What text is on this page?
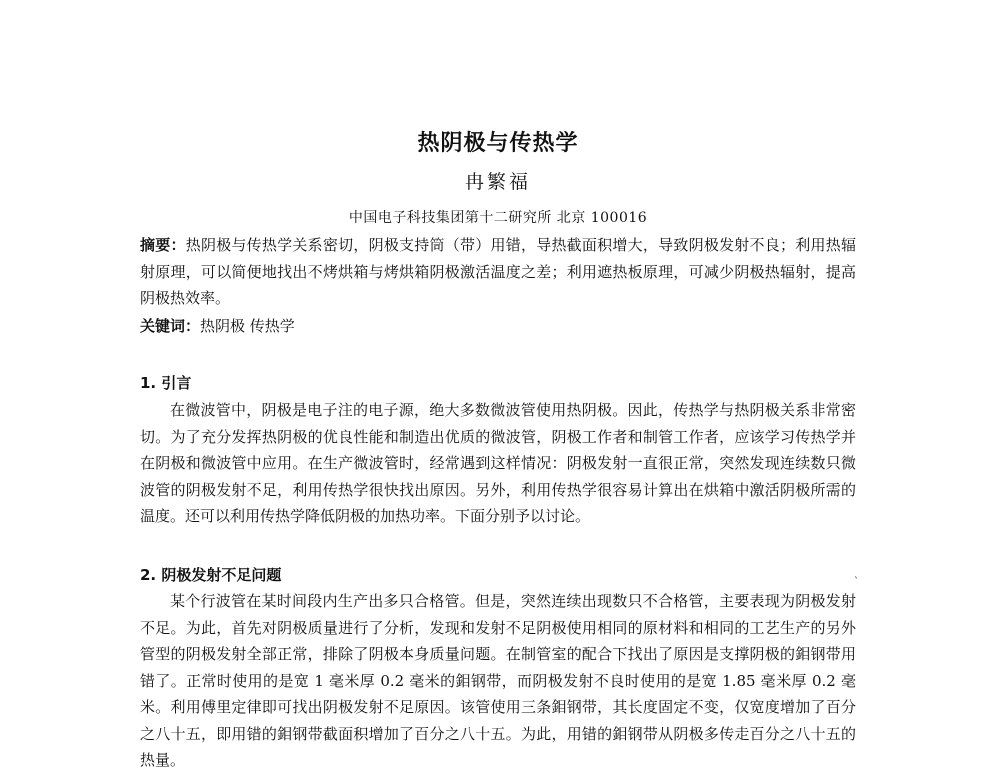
热阴极与传热学
冉繁福
中国电子科技集团第十二研究所 北京 100016

摘要：热阴极与传热学关系密切，阴极支持筒（带）用错，导热截面积增大，导致阴极发射不良；利用热辐射原理，可以简便地找出不烤烘箱与烤烘箱阴极激活温度之差；利用遮热板原理，可减少阴极热辐射，提高阴极热效率。

关键词：热阴极 传热学

1. 引言

在微波管中，阴极是电子注的电子源，绝大多数微波管使用热阴极。因此，传热学与热阴极关系非常密切。为了充分发挥热阴极的优良性能和制造出优质的微波管，阴极工作者和制管工作者，应该学习传热学并在阴极和微波管中应用。在生产微波管时，经常遇到这样情况：阴极发射一直很正常，突然发现连续数只微波管的阴极发射不足，利用传热学很快找出原因。另外，利用传热学很容易计算出在烘箱中激活阴极所需的温度。还可以利用传热学降低阴极的加热功率。下面分别予以讨论。

2. 阴极发射不足问题

某个行波管在某时间段内生产出多只合格管。但是，突然连续出现数只不合格管，主要表现为阴极发射不足。为此，首先对阴极质量进行了分析，发现和发射不足阴极使用相同的原材料和相同的工艺生产的另外管型的阴极发射全部正常，排除了阴极本身质量问题。在制管室的配合下找出了原因是支撑阴极的鉬钢带用错了。正常时使用的是宽 1 毫米厚 0.2 毫米的鉬钢带，而阴极发射不良时使用的是宽 1.85 毫米厚 0.2 毫米。利用傅里定律即可找出阴极发射不足原因。该管使用三条鉬钢带，其长度固定不变，仅宽度增加了百分之八十五，即用错的鉬钢带截面积增加了百分之八十五。为此，用错的鉬钢带从阴极多传走百分之八十五的热量。

`
